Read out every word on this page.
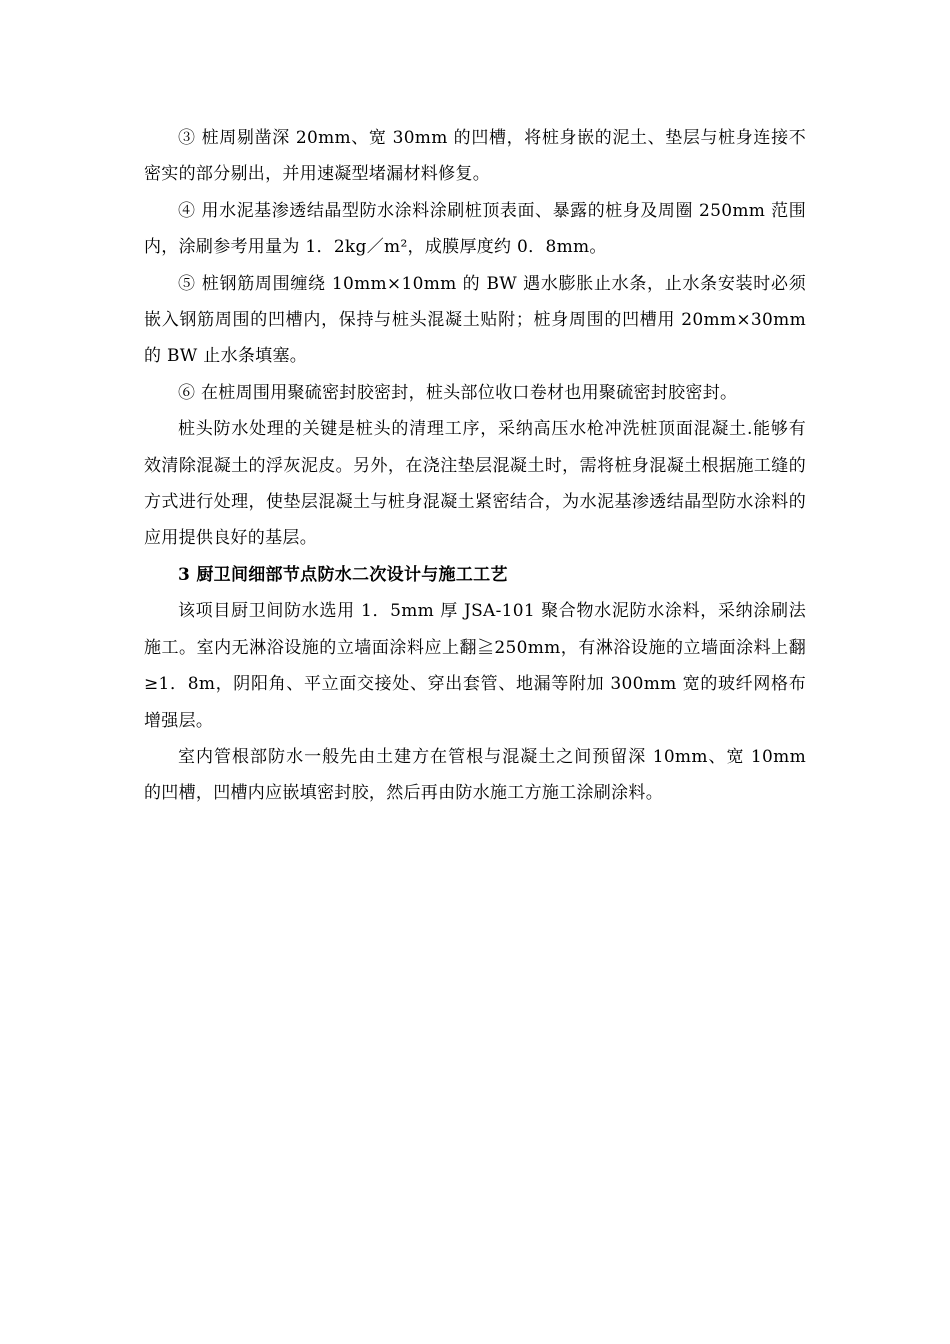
③ 桩周剔凿深 20mm、宽 30mm 的凹槽，将桩身嵌的泥土、垫层与桩身连接不密实的部分剔出，并用速凝型堵漏材料修复。

④ 用水泥基渗透结晶型防水涂料涂刷桩顶表面、暴露的桩身及周圈 250mm 范围内，涂刷参考用量为 1．2kg／m²，成膜厚度约 0．8mm。

⑤ 桩钢筋周围缠绕 10mm×10mm 的 BW 遇水膨胀止水条，止水条安装时必须嵌入钢筋周围的凹槽内，保持与桩头混凝土贴附；桩身周围的凹槽用 20mm×30mm 的 BW 止水条填塞。

⑥ 在桩周围用聚硫密封胶密封，桩头部位收口卷材也用聚硫密封胶密封。

桩头防水处理的关键是桩头的清理工序，采纳高压水枪冲洗桩顶面混凝土.能够有效清除混凝土的浮灰泥皮。另外，在浇注垫层混凝土时，需将桩身混凝土根据施工缝的方式进行处理，使垫层混凝土与桩身混凝土紧密结合，为水泥基渗透结晶型防水涂料的应用提供良好的基层。

3 厨卫间细部节点防水二次设计与施工工艺

该项目厨卫间防水选用 1．5mm 厚 JSA-101 聚合物水泥防水涂料，采纳涂刷法施工。室内无淋浴设施的立墙面涂料应上翻≧250mm，有淋浴设施的立墙面涂料上翻≥1．8m，阴阳角、平立面交接处、穿出套管、地漏等附加 300mm 宽的玻纤网格布增强层。

室内管根部防水一般先由土建方在管根与混凝土之间预留深 10mm、宽 10mm 的凹槽，凹槽内应嵌填密封胶，然后再由防水施工方施工涂刷涂料。
